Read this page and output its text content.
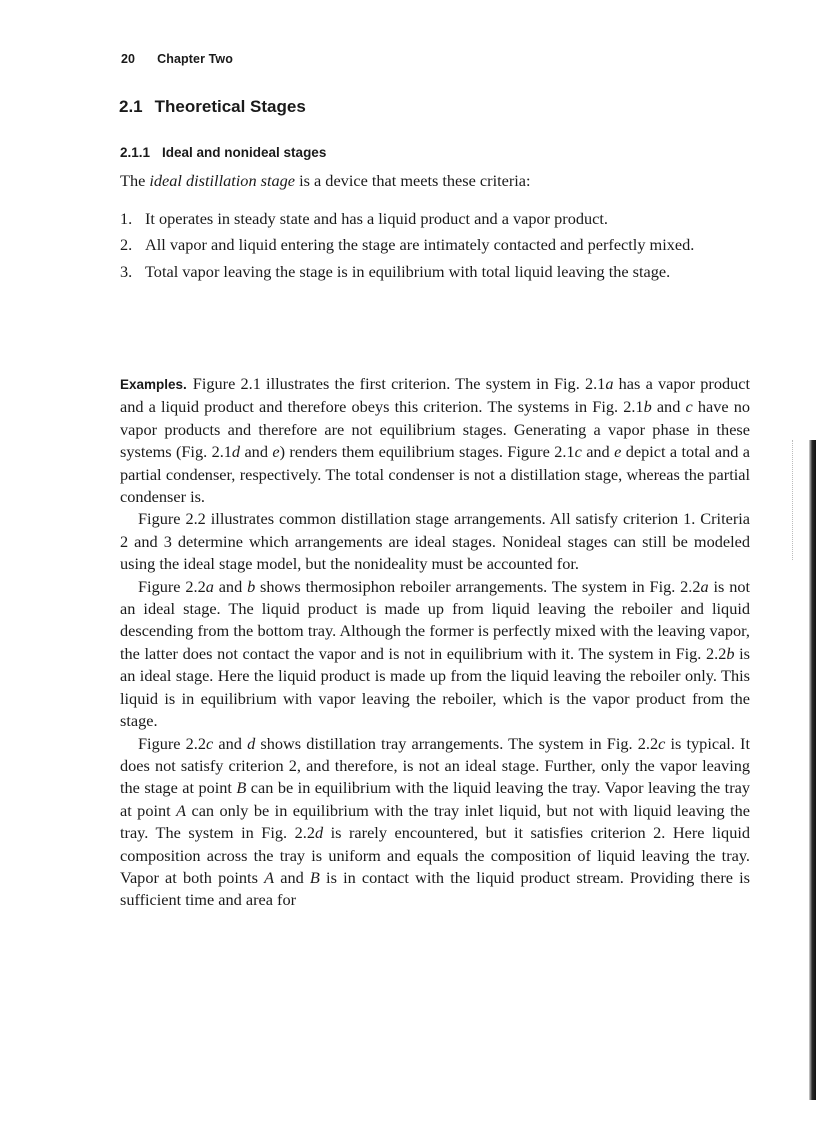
20 Chapter Two
2.1 Theoretical Stages
2.1.1 Ideal and nonideal stages

The ideal distillation stage is a device that meets these criteria:

1. It operates in steady state and has a liquid product and a vapor product.
2. All vapor and liquid entering the stage are intimately contacted and perfectly mixed.
3. Total vapor leaving the stage is in equilibrium with total liquid leaving the stage.

Examples. Figure 2.1 illustrates the first criterion. The system in Fig. 2.1a has a vapor product and a liquid product and therefore obeys this criterion. The systems in Fig. 2.1b and c have no vapor products and therefore are not equilibrium stages. Generating a vapor phase in these systems (Fig. 2.1d and e) renders them equilibrium stages. Figure 2.1c and e depict a total and a partial condenser, respectively. The total condenser is not a distillation stage, whereas the partial condenser is.

Figure 2.2 illustrates common distillation stage arrangements. All satisfy criterion 1. Criteria 2 and 3 determine which arrangements are ideal stages. Nonideal stages can still be modeled using the ideal stage model, but the nonideality must be accounted for.

Figure 2.2a and b shows thermosiphon reboiler arrangements. The system in Fig. 2.2a is not an ideal stage. The liquid product is made up from liquid leaving the reboiler and liquid descending from the bottom tray. Although the former is perfectly mixed with the leaving vapor, the latter does not contact the vapor and is not in equilibrium with it. The system in Fig. 2.2b is an ideal stage. Here the liquid product is made up from the liquid leaving the reboiler only. This liquid is in equilibrium with vapor leaving the reboiler, which is the vapor product from the stage.

Figure 2.2c and d shows distillation tray arrangements. The system in Fig. 2.2c is typical. It does not satisfy criterion 2, and therefore, is not an ideal stage. Further, only the vapor leaving the stage at point B can be in equilibrium with the liquid leaving the tray. Vapor leaving the tray at point A can only be in equilibrium with the tray inlet liquid, but not with liquid leaving the tray. The system in Fig. 2.2d is rarely encountered, but it satisfies criterion 2. Here liquid composition across the tray is uniform and equals the composition of liquid leaving the tray. Vapor at both points A and B is in contact with the liquid product stream. Providing there is sufficient time and area for
